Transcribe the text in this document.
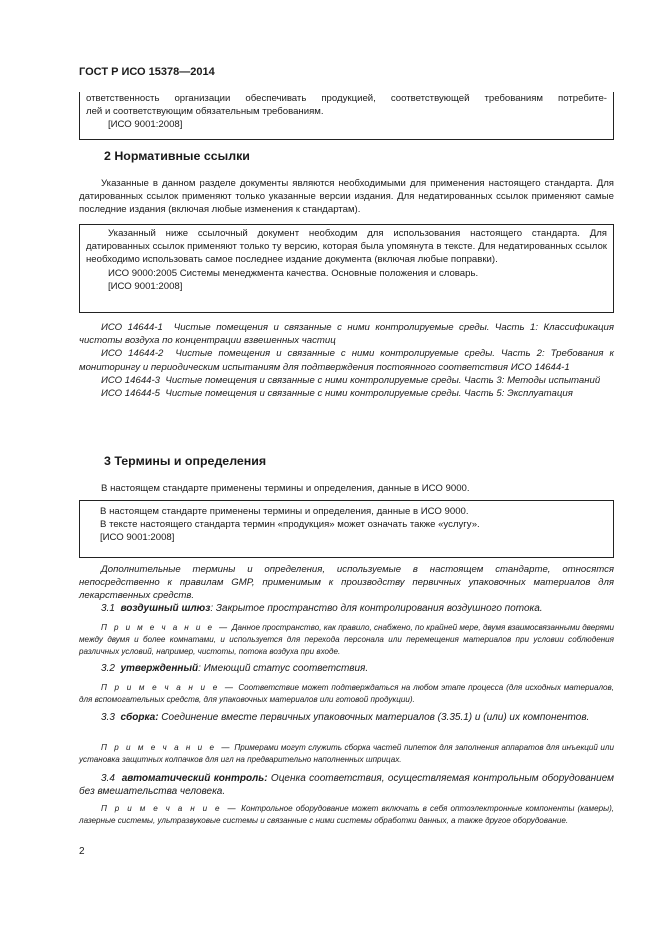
ГОСТ Р ИСО 15378—2014
ответственность организации обеспечивать продукцией, соответствующей требованиям потребите-
лей и соответствующим обязательным требованиям.
[ИСО 9001:2008]
2 Нормативные ссылки
Указанные в данном разделе документы являются необходимыми для применения настоящего стандарта. Для датированных ссылок применяют только указанные версии издания. Для недатированных ссылок применяют самые последние издания (включая любые изменения к стандартам).
Указанный ниже ссылочный документ необходим для использования настоящего стандарта. Для датированных ссылок применяют только ту версию, которая была упомянута в тексте. Для недатированных ссылок необходимо использовать самое последнее издание документа (включая любые поправки).
ИСО 9000:2005 Системы менеджмента качества. Основные положения и словарь.
[ИСО 9001:2008]
ИСО 14644-1 Чистые помещения и связанные с ними контролируемые среды. Часть 1: Классификация чистоты воздуха по концентрации взвешенных частиц
ИСО 14644-2 Чистые помещения и связанные с ними контролируемые среды. Часть 2: Требования к мониторингу и периодическим испытаниям для подтверждения постоянного соответствия ИСО 14644-1
ИСО 14644-3 Чистые помещения и связанные с ними контролируемые среды. Часть 3: Методы испытаний
ИСО 14644-5 Чистые помещения и связанные с ними контролируемые среды. Часть 5: Эксплуатация
3 Термины и определения
В настоящем стандарте применены термины и определения, данные в ИСО 9000.
В настоящем стандарте применены термины и определения, данные в ИСО 9000.
В тексте настоящего стандарта термин «продукция» может означать также «услугу».
[ИСО 9001:2008]
Дополнительные термины и определения, используемые в настоящем стандарте, относятся непосредственно к правилам GMP, применимым к производству первичных упаковочных материалов для лекарственных средств.
3.1 воздушный шлюз: Закрытое пространство для контролирования воздушного потока.
П р и м е ч а н и е — Данное пространство, как правило, снабжено, по крайней мере, двумя взаимосвязанными дверями между двумя и более комнатами, и используется для перехода персонала или перемещения материалов при условии соблюдения различных условий, например, чистоты, потока воздуха при входе.
3.2 утвержденный: Имеющий статус соответствия.
П р и м е ч а н и е — Соответствие может подтверждаться на любом этапе процесса (для исходных материалов, для вспомогательных средств, для упаковочных материалов или готовой продукции).
3.3 сборка: Соединение вместе первичных упаковочных материалов (3.35.1) и (или) их компонентов.
П р и м е ч а н и е — Примерами могут служить сборка частей пипеток для заполнения аппаратов для инъекций или установка защитных колпачков для игл на предварительно наполненных шприцах.
3.4 автоматический контроль: Оценка соответствия, осуществляемая контрольным оборудованием без вмешательства человека.
П р и м е ч а н и е — Контрольное оборудование может включать в себя оптоэлектронные компоненты (камеры), лазерные системы, ультразвуковые системы и связанные с ними системы обработки данных, а также другое оборудование.
2
